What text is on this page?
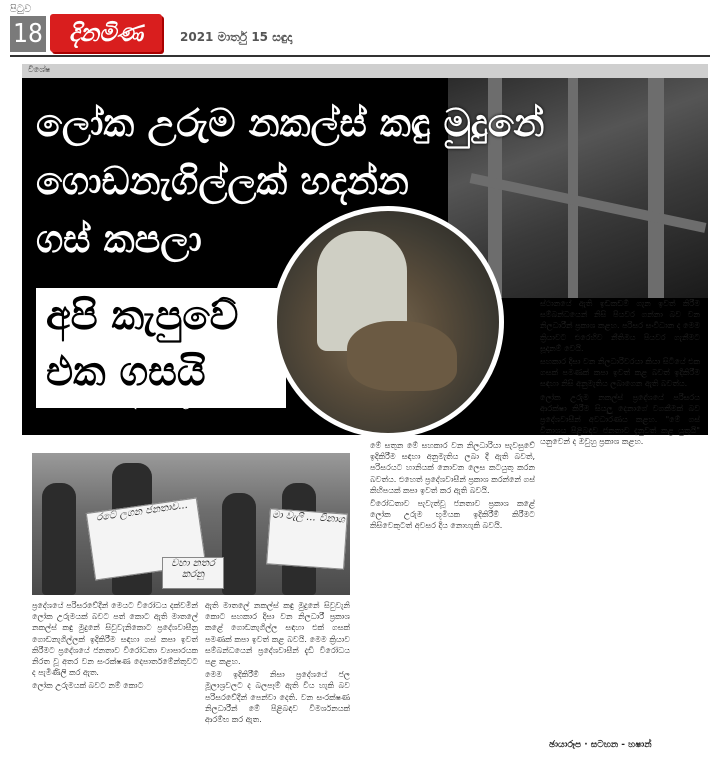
පිටුව
18	දිනමිණ	2021 මාර්තු 15 සඳුදා
විශේෂ
ලෝක උරුම නකල්ස් කඳු මුදුනේ
ගොඩනැගිල්ලක් හදන්න
ගස් කපලා
අපි කැපුවේ
එක ගසයි
සහකාර දිසා වන නිලධාරී
රටේ ලගන ජනතාව...	මා වැලි ... විනාශ
වහා නතර කරනු

ප්‍රදේශයේ පරිසරවේදීන් මෙයට විරෝධය දක්වමින් ලෝක උරුමයක් බවට පත් කොට ඇති මාතලේ නකල්ස් කඳු මුදුනේ සිවුවැනිකොට ප්‍රදේශවාසීනු ගොඩනැගිල්ලක් ඉදිකිරීම සඳහා ගස් කපා ඉවත් කිරීමට ප්‍රදේශයේ ජනතාව විරෝධතා ව්‍යාපාරයක නිරත වූ අතර වන සංරක්ෂණ දෙපාර්තමේන්තුවට ද පැමිණිලි කර ඇත.

ලෝක උරුමයක් බවට නම් කොට

ඇති මාතලේ නකල්ස් කඳු මුදුනේ සිවුවැනි කොට සහකාර දිසා වන නිලධාරී ප්‍රකාශ කළේ ගොඩනැගිල්ල සඳහා එක් ගසක් පමණක් කපා ඉවත් කළ බවයි. මෙම ක්‍රියාව සම්බන්ධයෙන් ප්‍රදේශවාසීන් දැඩි විරෝධය පළ කළහ.

මෙම ඉදිකිරීම් නිසා ප්‍රදේශයේ ජල මූලාශ්‍රවලට ද බලපෑම් ඇති විය හැකි බව පරිසරවේදීන් පෙන්වා දෙති. වන සංරක්ෂණ නිලධාරීන් මේ පිළිබඳව විමර්ශනයක් ආරම්භ කර ඇත.

මේ සතුන මේ සහකාර වන නිලධාරියා පැවසුවේ ඉදිකිරීම සඳහා අනුමැතිය ලබා දී ඇති බවත්, පරිසරයට හානියක් නොවන ලෙස කටයුතු කරන බවත්ය. එහෙත් ප්‍රදේශවාසීන් ප්‍රකාශ කරන්නේ ගස් කිහිපයක් කපා ඉවත් කර ඇති බවයි.

විරෝධතාව පැවැත්වූ ජනතාව ප්‍රකාශ කළේ ලෝක උරුම භූමියක ඉදිකිරීම් කිරීමට කිසිවෙකුටත් අවසර දිය නොහැකි බවයි.

ස්ථානයේ ඇති ඉඩකඩම් ගැන ඉවත් කිරීම සම්බන්ධයෙන් නිසි පියවර ගන්නා බව වන නිලධාරීන් ප්‍රකාශ කළහ. පරිසර සංවිධාන ද මෙම ක්‍රියාවට එරෙහිව නීතිමය පියවර ගැනීමට සූදානම් වෙයි.

සහකාර දිසා වන නිලධාරිවරයා කියා සිටියේ එක ගසක් පමණක් කපා ඉවත් කළ බවත් ඉදිකිරීම සඳහා නිසි අනුමැතිය ලබාගෙන ඇති බවත්ය.

ලෝක උරුම නකල්ස් ප්‍රදේශයේ පරිසරය ආරක්ෂා කිරීම සියලු දෙනාගේ වගකීමක් බව ප්‍රදේශවාසීන් අවධාරණය කළහ. "මේ ගස් විනාශය පිළිබඳව ජනතාව දැනුවත් කළ යුතුයි" යනුවෙන් ද ඔවුහු ප්‍රකාශ කළහ.

ඡායාරූප · සටහන - හෂාන්
